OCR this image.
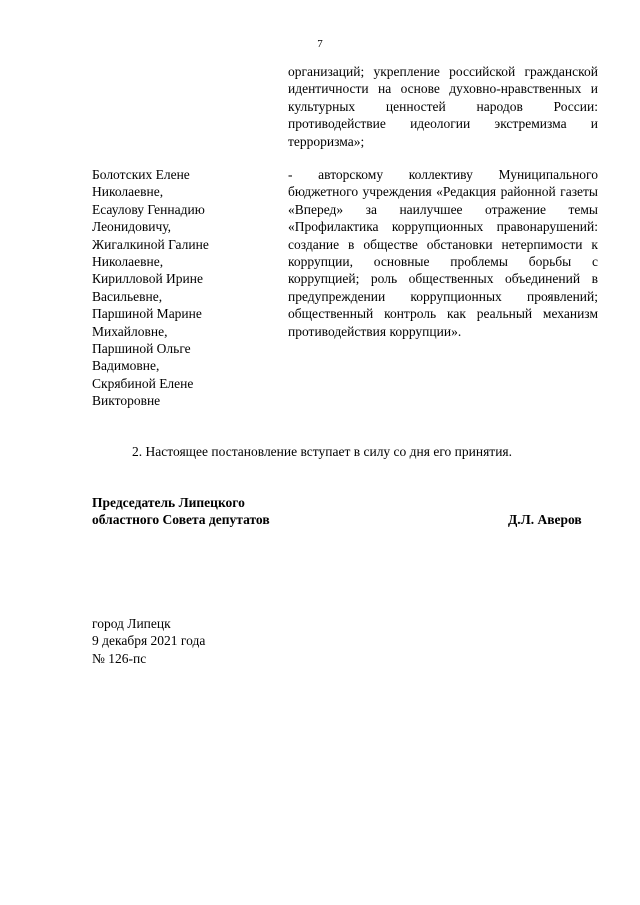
7
организаций; укрепление российской гражданской идентичности на основе духовно-нравственных и культурных ценностей народов России: противодействие идеологии экстремизма и терроризма»;
Болотских Елене
Николаевне,
Есаулову Геннадию
Леонидовичу,
Жигалкиной Галине
Николаевне,
Кирилловой Ирине
Васильевне,
Паршиной Марине
Михайловне,
Паршиной Ольге
Вадимовне,
Скрябиной Елене
Викторовне
- авторскому коллективу Муниципального бюджетного учреждения «Редакция районной газеты «Вперед» за наилучшее отражение темы «Профилактика коррупционных правонарушений: создание в обществе обстановки нетерпимости к коррупции, основные проблемы борьбы с коррупцией; роль общественных объединений в предупреждении коррупционных проявлений; общественный контроль как реальный механизм противодействия коррупции».
2. Настоящее постановление вступает в силу со дня его принятия.
Председатель Липецкого
областного Совета депутатов	Д.Л. Аверов
город Липецк
9 декабря 2021 года
№ 126-пс
